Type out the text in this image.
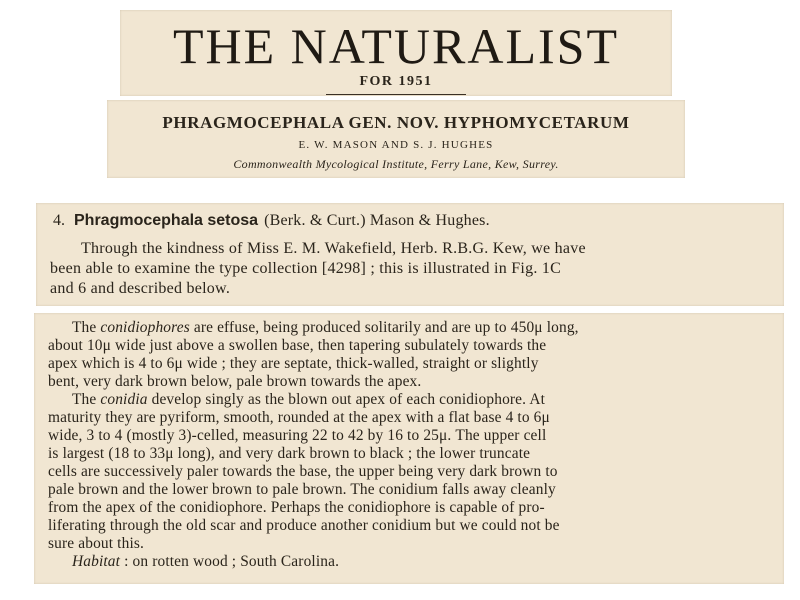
THE NATURALIST
FOR 1951
PHRAGMOCEPHALA GEN. NOV. HYPHOMYCETARUM
E. W. MASON AND S. J. HUGHES
Commonwealth Mycological Institute, Ferry Lane, Kew, Surrey.
4. Phragmocephala setosa (Berk. & Curt.) Mason & Hughes.
Through the kindness of Miss E. M. Wakefield, Herb. R.B.G. Kew, we have
been able to examine the type collection [4298] ; this is illustrated in Fig. 1C
and 6 and described below.
The conidiophores are effuse, being produced solitarily and are up to 450μ long,
about 10μ wide just above a swollen base, then tapering subulately towards the
apex which is 4 to 6μ wide ; they are septate, thick-walled, straight or slightly
bent, very dark brown below, pale brown towards the apex.
The conidia develop singly as the blown out apex of each conidiophore. At
maturity they are pyriform, smooth, rounded at the apex with a flat base 4 to 6μ
wide, 3 to 4 (mostly 3)-celled, measuring 22 to 42 by 16 to 25μ. The upper cell
is largest (18 to 33μ long), and very dark brown to black ; the lower truncate
cells are successively paler towards the base, the upper being very dark brown to
pale brown and the lower brown to pale brown. The conidium falls away cleanly
from the apex of the conidiophore. Perhaps the conidiophore is capable of pro-
liferating through the old scar and produce another conidium but we could not be
sure about this.
Habitat : on rotten wood ; South Carolina.
